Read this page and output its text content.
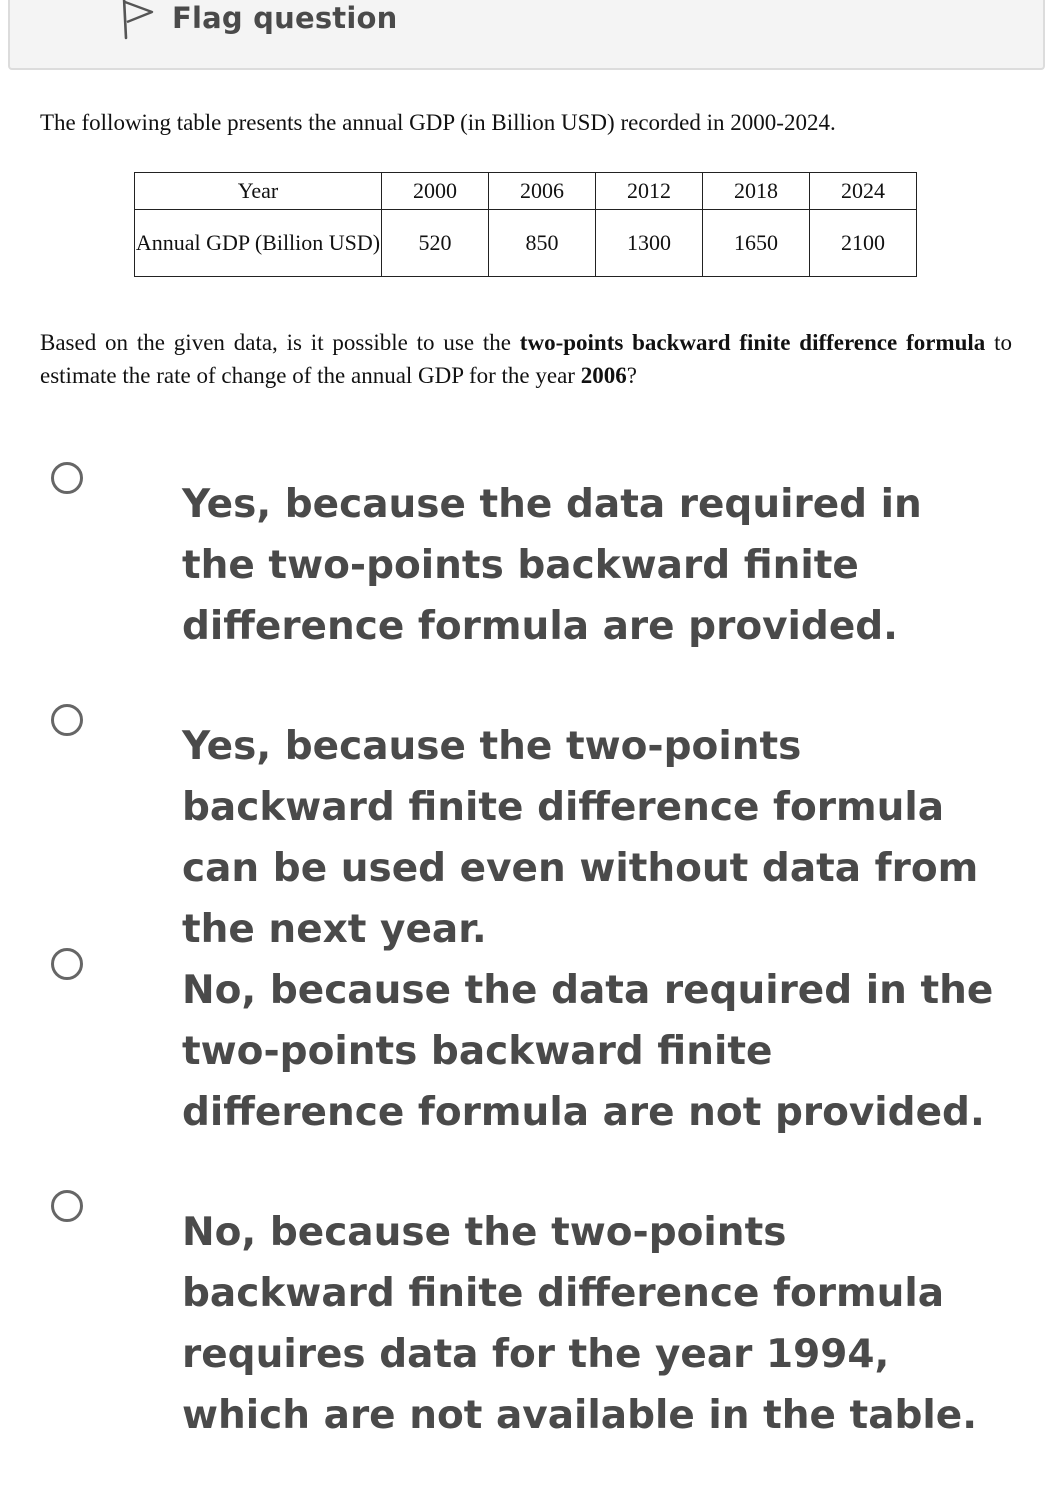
Flag question
The following table presents the annual GDP (in Billion USD) recorded in 2000-2024.
Year	2000	2006	2012	2018	2024
Annual GDP (Billion USD)	520	850	1300	1650	2100
Based on the given data, is it possible to use the two-points backward finite difference formula to estimate the rate of change of the annual GDP for the year 2006?
Yes, because the data required in the two-points backward finite difference formula are provided.
Yes, because the two-points backward finite difference formula can be used even without data from the next year.
No, because the data required in the two-points backward finite difference formula are not provided.
No, because the two-points backward finite difference formula requires data for the year 1994, which are not available in the table.
